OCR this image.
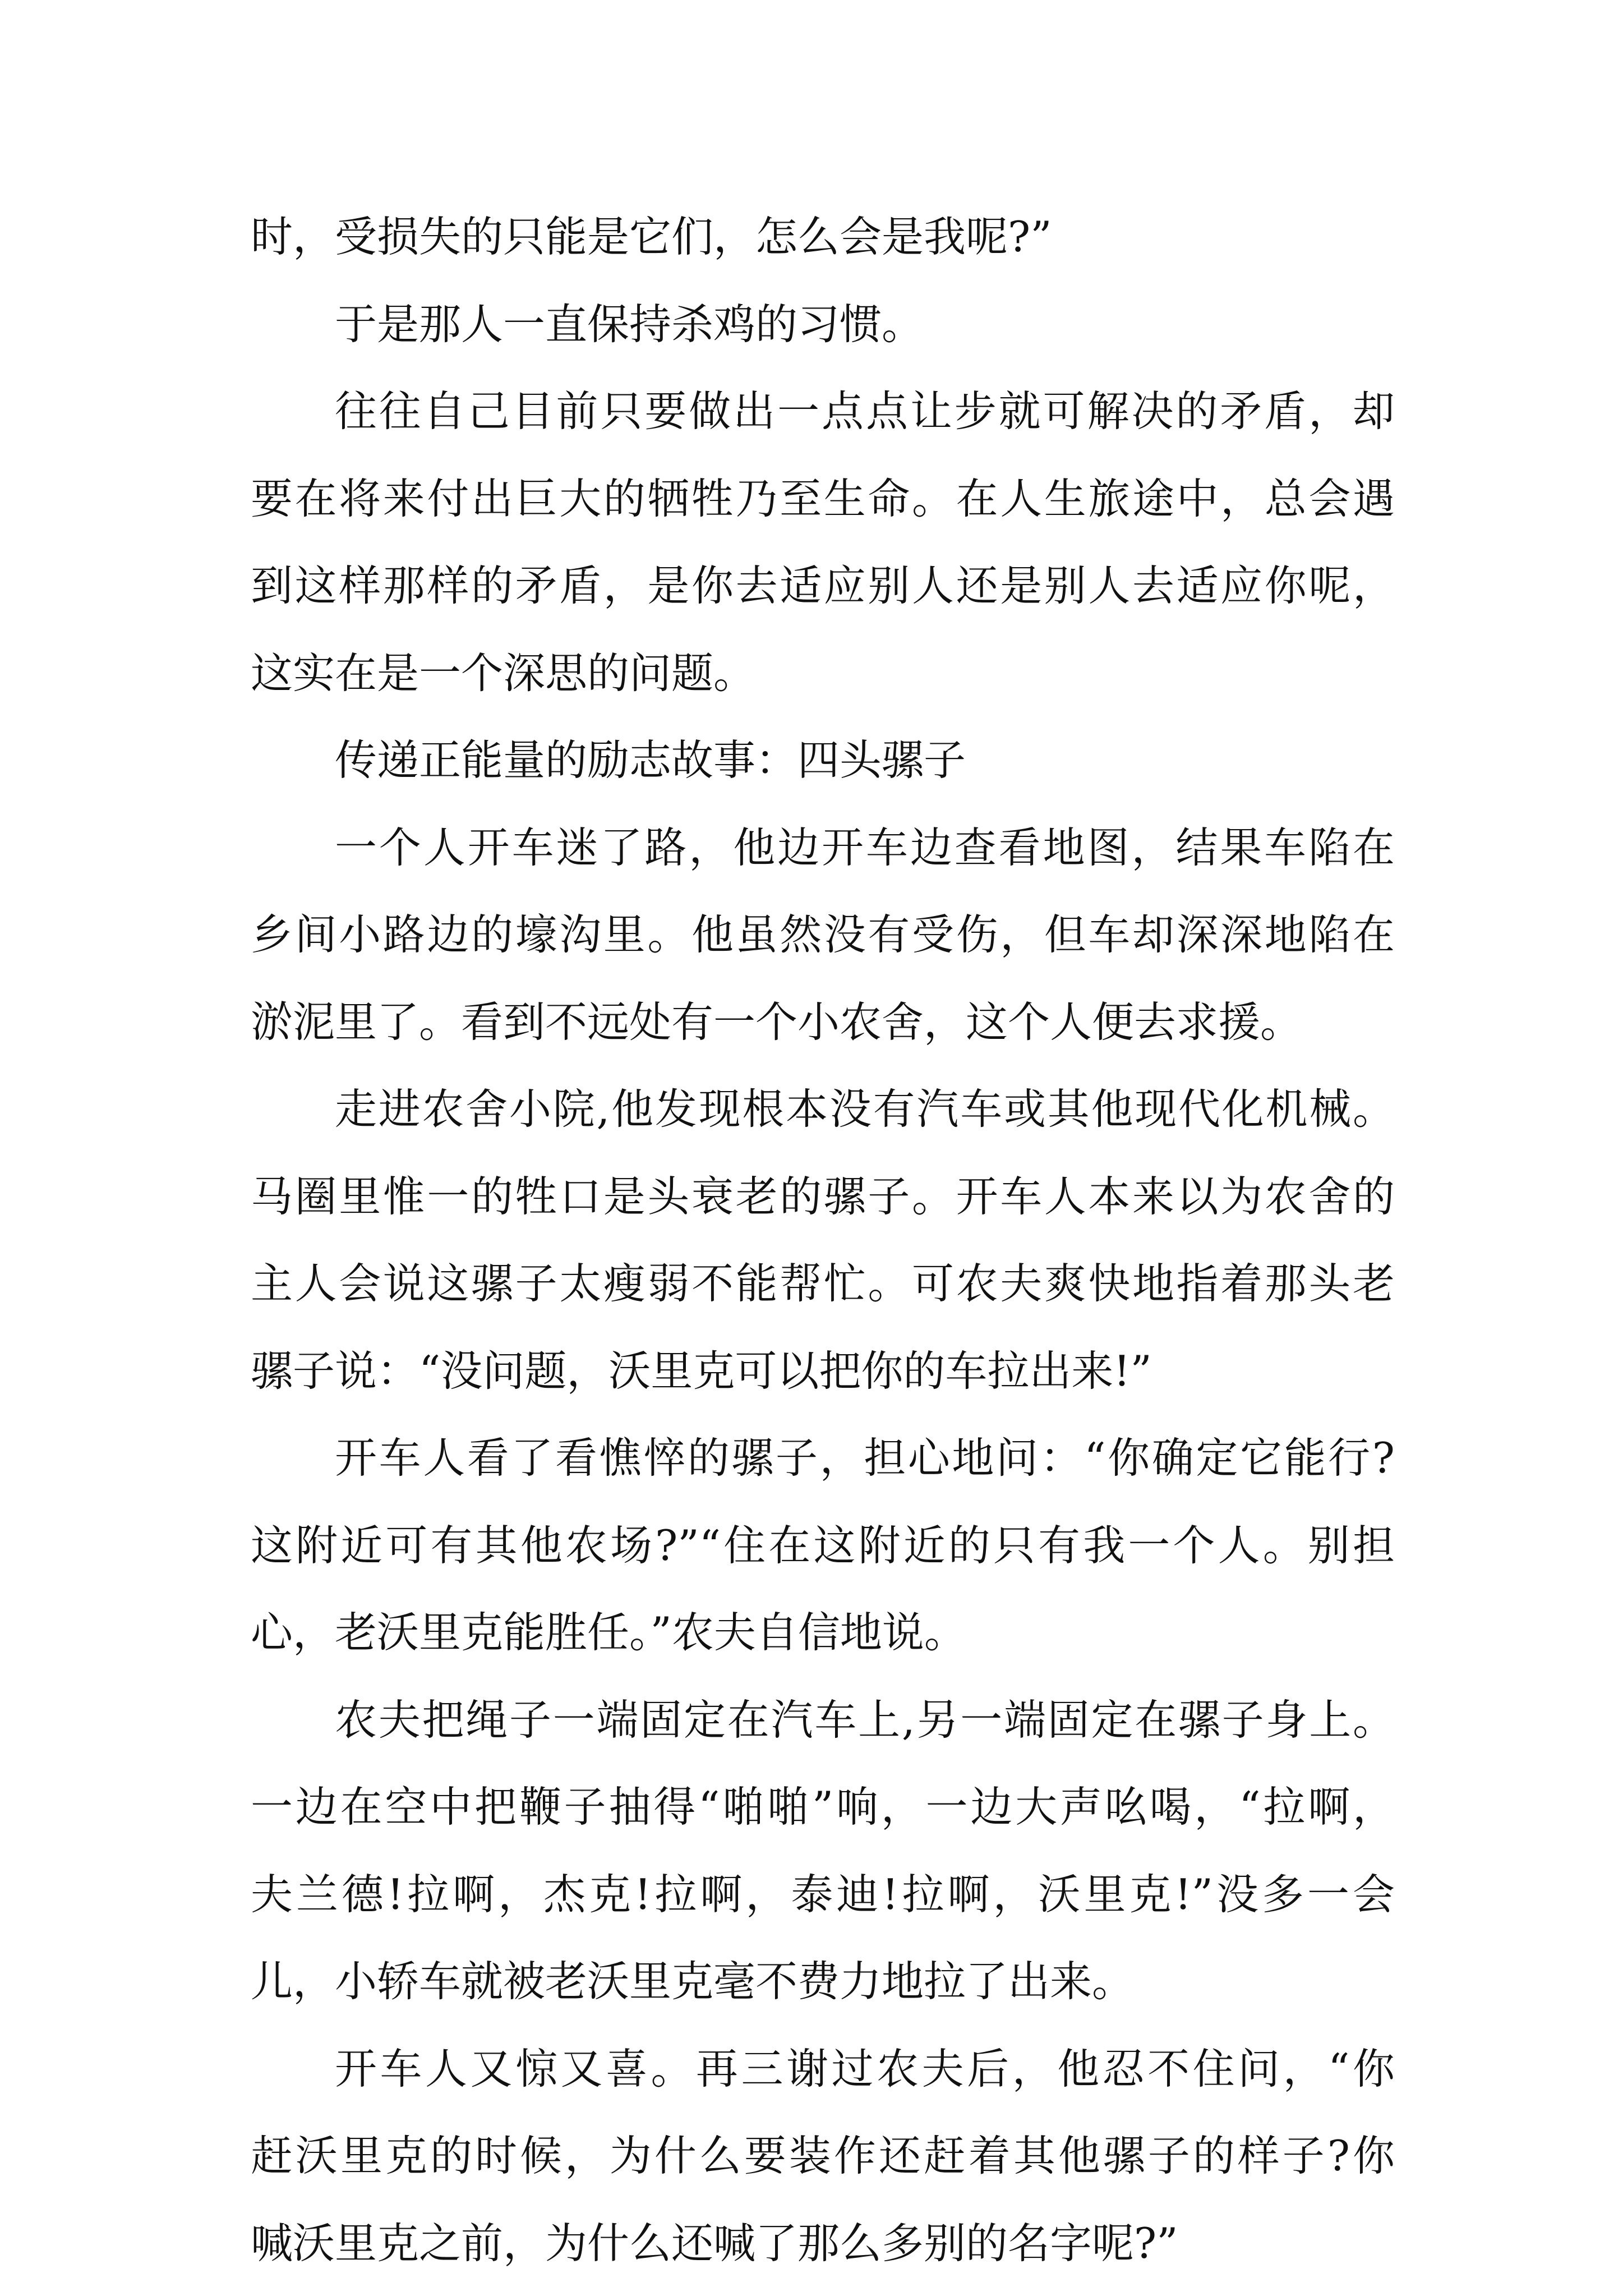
时，受损失的只能是它们，怎么会是我呢?”

于是那人一直保持杀鸡的习惯。

往往自己目前只要做出一点点让步就可解决的矛盾，却
要在将来付出巨大的牺牲乃至生命。在人生旅途中，总会遇
到这样那样的矛盾，是你去适应别人还是别人去适应你呢，
这实在是一个深思的问题。

传递正能量的励志故事：四头骡子

一个人开车迷了路，他边开车边查看地图，结果车陷在
乡间小路边的壕沟里。他虽然没有受伤，但车却深深地陷在
淤泥里了。看到不远处有一个小农舍，这个人便去求援。

走进农舍小院,他发现根本没有汽车或其他现代化机械。
马圈里惟一的牲口是头衰老的骡子。开车人本来以为农舍的
主人会说这骡子太瘦弱不能帮忙。可农夫爽快地指着那头老
骡子说：“没问题，沃里克可以把你的车拉出来!”

开车人看了看憔悴的骡子，担心地问：“你确定它能行?
这附近可有其他农场?”“住在这附近的只有我一个人。别担
心，老沃里克能胜任。”农夫自信地说。

农夫把绳子一端固定在汽车上,另一端固定在骡子身上。
一边在空中把鞭子抽得“啪啪”响，一边大声吆喝，“拉啊，
夫兰德!拉啊，杰克!拉啊，泰迪!拉啊，沃里克!”没多一会
儿，小轿车就被老沃里克毫不费力地拉了出来。

开车人又惊又喜。再三谢过农夫后，他忍不住问，“你
赶沃里克的时候，为什么要装作还赶着其他骡子的样子?你
喊沃里克之前，为什么还喊了那么多别的名字呢?”
